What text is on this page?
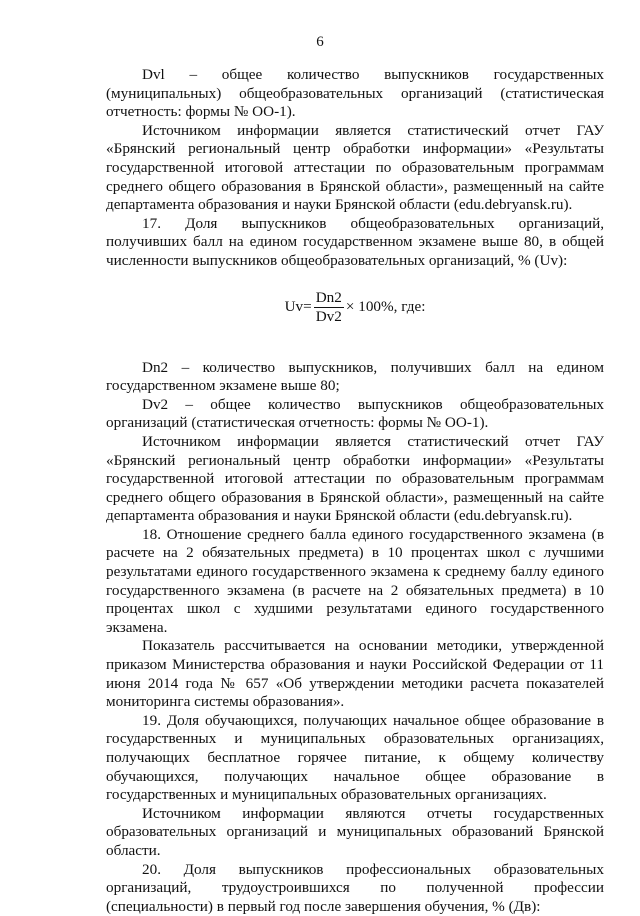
6

Dvl – общее количество выпускников государственных (муниципальных) общеобразовательных организаций (статистическая отчетность: формы № ОО-1).

Источником информации является статистический отчет ГАУ «Брянский региональный центр обработки информации» «Результаты государственной итоговой аттестации по образовательным программам среднего общего образования в Брянской области», размещенный на сайте департамента образования и науки Брянской области (edu.debryansk.ru).

17. Доля выпускников общеобразовательных организаций, получивших балл на едином государственном экзамене выше 80, в общей численности выпускников общеобразовательных организаций, % (Uv):

$Uv= \frac{Dn2}{Dv2} \times 100\%$, где:

Dn2 – количество выпускников, получивших балл на едином государственном экзамене выше 80;

Dv2 – общее количество выпускников общеобразовательных организаций (статистическая отчетность: формы № ОО-1).

Источником информации является статистический отчет ГАУ «Брянский региональный центр обработки информации» «Результаты государственной итоговой аттестации по образовательным программам среднего общего образования в Брянской области», размещенный на сайте департамента образования и науки Брянской области (edu.debryansk.ru).

18. Отношение среднего балла единого государственного экзамена (в расчете на 2 обязательных предмета) в 10 процентах школ с лучшими результатами единого государственного экзамена к среднему баллу единого государственного экзамена (в расчете на 2 обязательных предмета) в 10 процентах школ с худшими результатами единого государственного экзамена.

Показатель рассчитывается на основании методики, утвержденной приказом Министерства образования и науки Российской Федерации от 11 июня 2014 года № 657 «Об утверждении методики расчета показателей мониторинга системы образования».

19. Доля обучающихся, получающих начальное общее образование в государственных и муниципальных образовательных организациях, получающих бесплатное горячее питание, к общему количеству обучающихся, получающих начальное общее образование в государственных и муниципальных образовательных организациях.

Источником информации являются отчеты государственных образовательных организаций и муниципальных образований Брянской области.

20. Доля выпускников профессиональных образовательных организаций, трудоустроившихся по полученной профессии (специальности) в первый год после завершения обучения, % (Дв):
